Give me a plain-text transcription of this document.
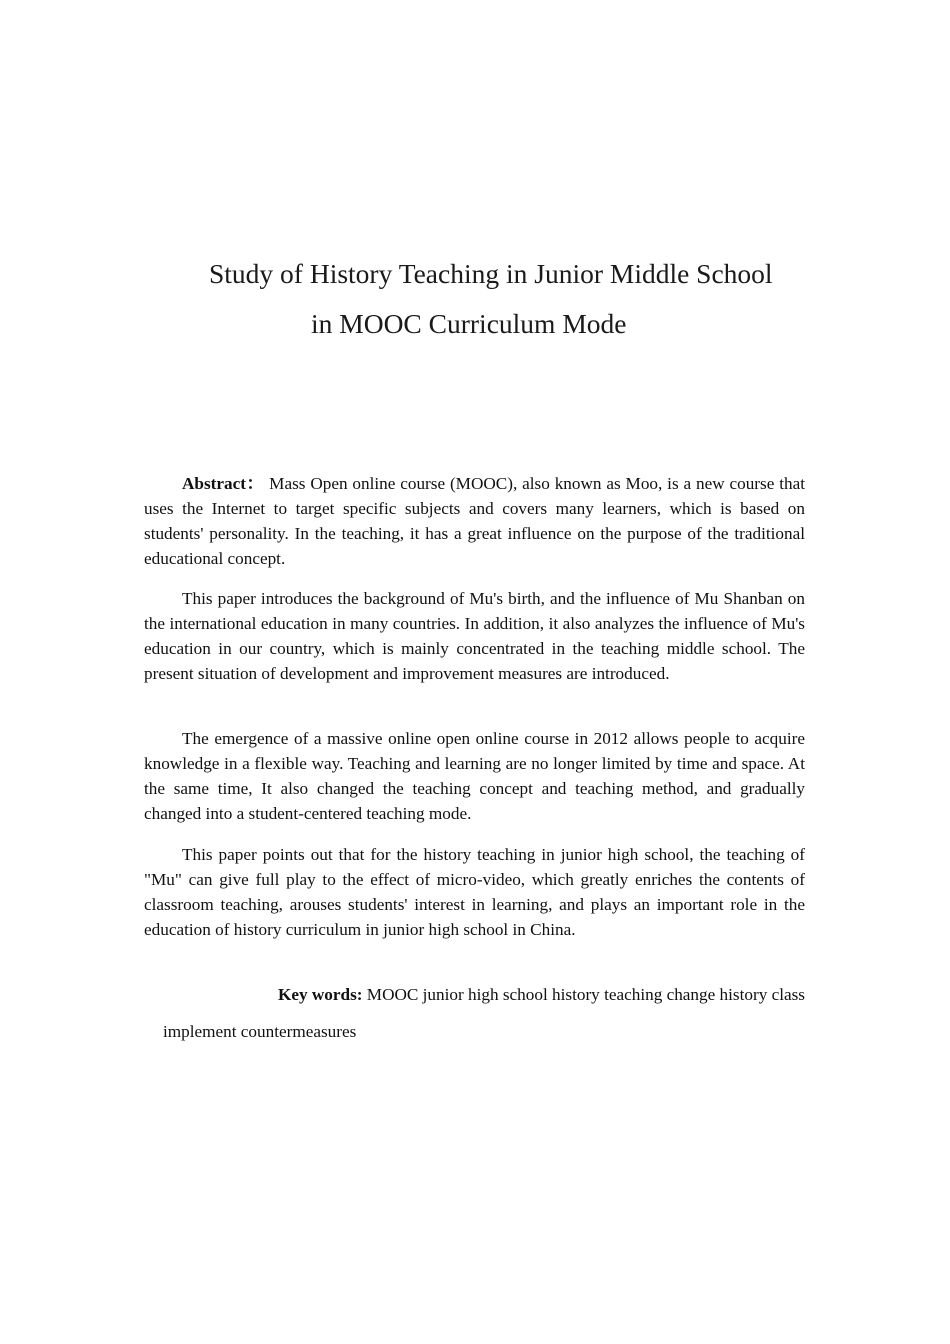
Study of History Teaching in Junior Middle School
in MOOC Curriculum Mode

Abstract： Mass Open online course (MOOC), also known as Moo, is a new course that uses the Internet to target specific subjects and covers many learners, which is based on students' personality. In the teaching, it has a great influence on the purpose of the traditional educational concept.

This paper introduces the background of Mu's birth, and the influence of Mu Shanban on the international education in many countries. In addition, it also analyzes the influence of Mu's education in our country, which is mainly concentrated in the teaching middle school. The present situation of development and improvement measures are introduced.

The emergence of a massive online open online course in 2012 allows people to acquire knowledge in a flexible way. Teaching and learning are no longer limited by time and space. At the same time, It also changed the teaching concept and teaching method, and gradually changed into a student-centered teaching mode.

This paper points out that for the history teaching in junior high school, the teaching of "Mu" can give full play to the effect of micro-video, which greatly enriches the contents of classroom teaching, arouses students' interest in learning, and plays an important role in the education of history curriculum in junior high school in China.

Key words: MOOC junior high school history teaching change history class
implement countermeasures
